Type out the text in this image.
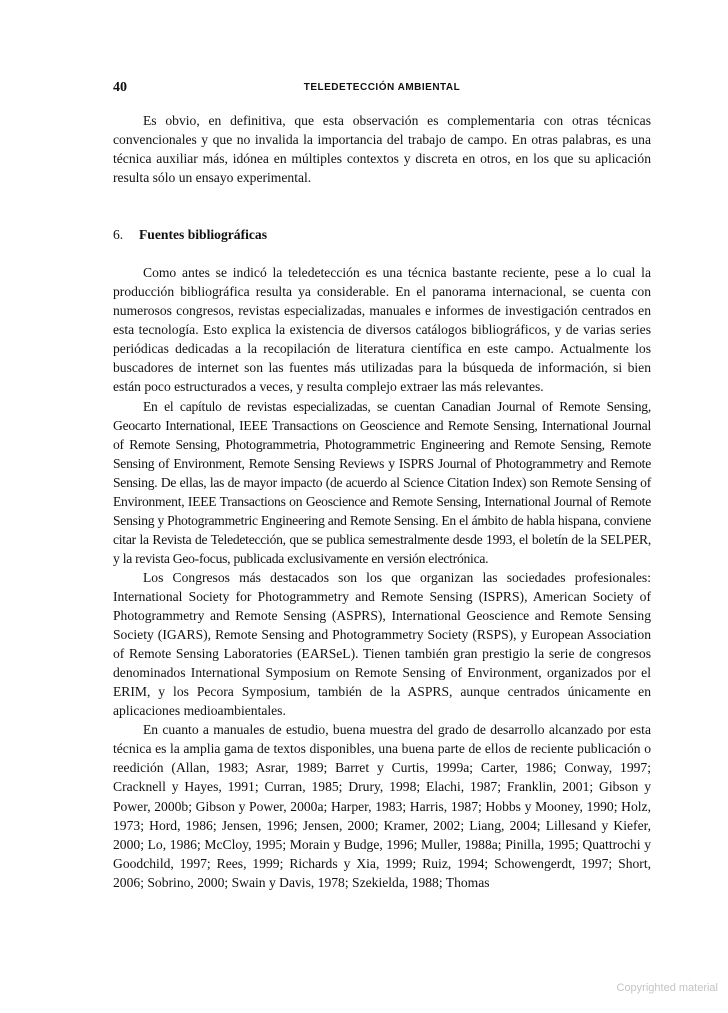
40	TELEDETECCIÓN AMBIENTAL

Es obvio, en definitiva, que esta observación es complementaria con otras técnicas convencionales y que no invalida la importancia del trabajo de campo. En otras palabras, es una técnica auxiliar más, idónea en múltiples contextos y discreta en otros, en los que su aplicación resulta sólo un ensayo experimental.

6. Fuentes bibliográficas

Como antes se indicó la teledetección es una técnica bastante reciente, pese a lo cual la producción bibliográfica resulta ya considerable. En el panorama internacional, se cuenta con numerosos congresos, revistas especializadas, manuales e informes de investigación centrados en esta tecnología. Esto explica la existencia de diversos catálogos bibliográficos, y de varias series periódicas dedicadas a la recopilación de literatura científica en este campo. Actualmente los buscadores de internet son las fuentes más utilizadas para la búsqueda de información, si bien están poco estructurados a veces, y resulta complejo extraer las más relevantes.

En el capítulo de revistas especializadas, se cuentan Canadian Journal of Remote Sensing, Geocarto International, IEEE Transactions on Geoscience and Remote Sensing, International Journal of Remote Sensing, Photogrammetria, Photogrammetric Engineering and Remote Sensing, Remote Sensing of Environment, Remote Sensing Reviews y ISPRS Journal of Photogrammetry and Remote Sensing. De ellas, las de mayor impacto (de acuerdo al Science Citation Index) son Remote Sensing of Environment, IEEE Transactions on Geoscience and Remote Sensing, International Journal of Remote Sensing y Photogrammetric Engineering and Remote Sensing. En el ámbito de habla hispana, conviene citar la Revista de Teledetección, que se publica semestralmente desde 1993, el boletín de la SELPER, y la revista Geo-focus, publicada exclusivamente en versión electrónica.

Los Congresos más destacados son los que organizan las sociedades profesionales: International Society for Photogrammetry and Remote Sensing (ISPRS), American Society of Photogrammetry and Remote Sensing (ASPRS), International Geoscience and Remote Sensing Society (IGARS), Remote Sensing and Photogrammetry Society (RSPS), y European Association of Remote Sensing Laboratories (EARSeL). Tienen también gran prestigio la serie de congresos denominados International Symposium on Remote Sensing of Environment, organizados por el ERIM, y los Pecora Symposium, también de la ASPRS, aunque centrados únicamente en aplicaciones medioambientales.

En cuanto a manuales de estudio, buena muestra del grado de desarrollo alcanzado por esta técnica es la amplia gama de textos disponibles, una buena parte de ellos de reciente publicación o reedición (Allan, 1983; Asrar, 1989; Barret y Curtis, 1999a; Carter, 1986; Conway, 1997; Cracknell y Hayes, 1991; Curran, 1985; Drury, 1998; Elachi, 1987; Franklin, 2001; Gibson y Power, 2000b; Gibson y Power, 2000a; Harper, 1983; Harris, 1987; Hobbs y Mooney, 1990; Holz, 1973; Hord, 1986; Jensen, 1996; Jensen, 2000; Kramer, 2002; Liang, 2004; Lillesand y Kiefer, 2000; Lo, 1986; McCloy, 1995; Morain y Budge, 1996; Muller, 1988a; Pinilla, 1995; Quattrochi y Goodchild, 1997; Rees, 1999; Richards y Xia, 1999; Ruiz, 1994; Schowengerdt, 1997; Short, 2006; Sobrino, 2000; Swain y Davis, 1978; Szekielda, 1988; Thomas

Copyrighted material
